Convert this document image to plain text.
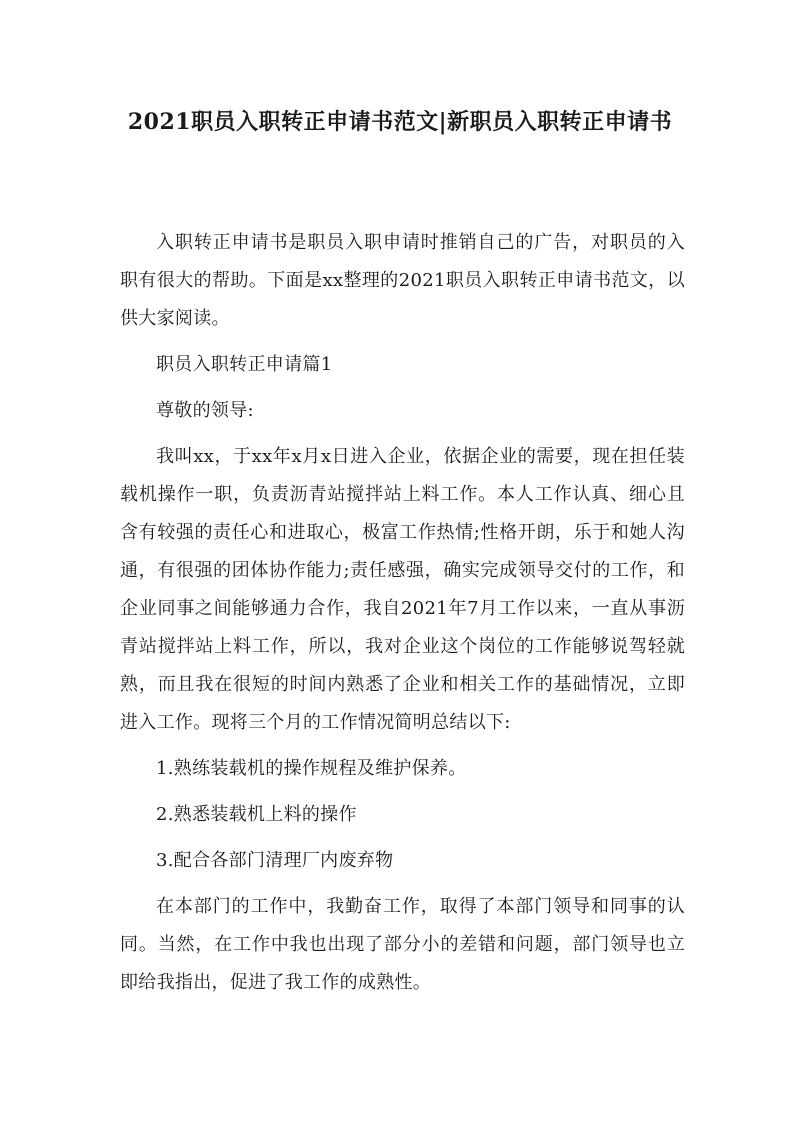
2021职员入职转正申请书范文|新职员入职转正申请书

入职转正申请书是职员入职申请时推销自己的广告，对职员的入职有很大的帮助。下面是xx整理的2021职员入职转正申请书范文，以供大家阅读。

职员入职转正申请篇1

尊敬的领导:

我叫xx，于xx年x月x日进入企业，依据企业的需要，现在担任装载机操作一职，负责沥青站搅拌站上料工作。本人工作认真、细心且含有较强的责任心和进取心，极富工作热情;性格开朗，乐于和她人沟通，有很强的团体协作能力;责任感强，确实完成领导交付的工作，和企业同事之间能够通力合作，我自2021年7月工作以来，一直从事沥青站搅拌站上料工作，所以，我对企业这个岗位的工作能够说驾轻就熟，而且我在很短的时间内熟悉了企业和相关工作的基础情况，立即进入工作。现将三个月的工作情况简明总结以下:

1.熟练装载机的操作规程及维护保养。

2.熟悉装载机上料的操作

3.配合各部门清理厂内废弃物

在本部门的工作中，我勤奋工作，取得了本部门领导和同事的认同。当然，在工作中我也出现了部分小的差错和问题，部门领导也立即给我指出，促进了我工作的成熟性。
